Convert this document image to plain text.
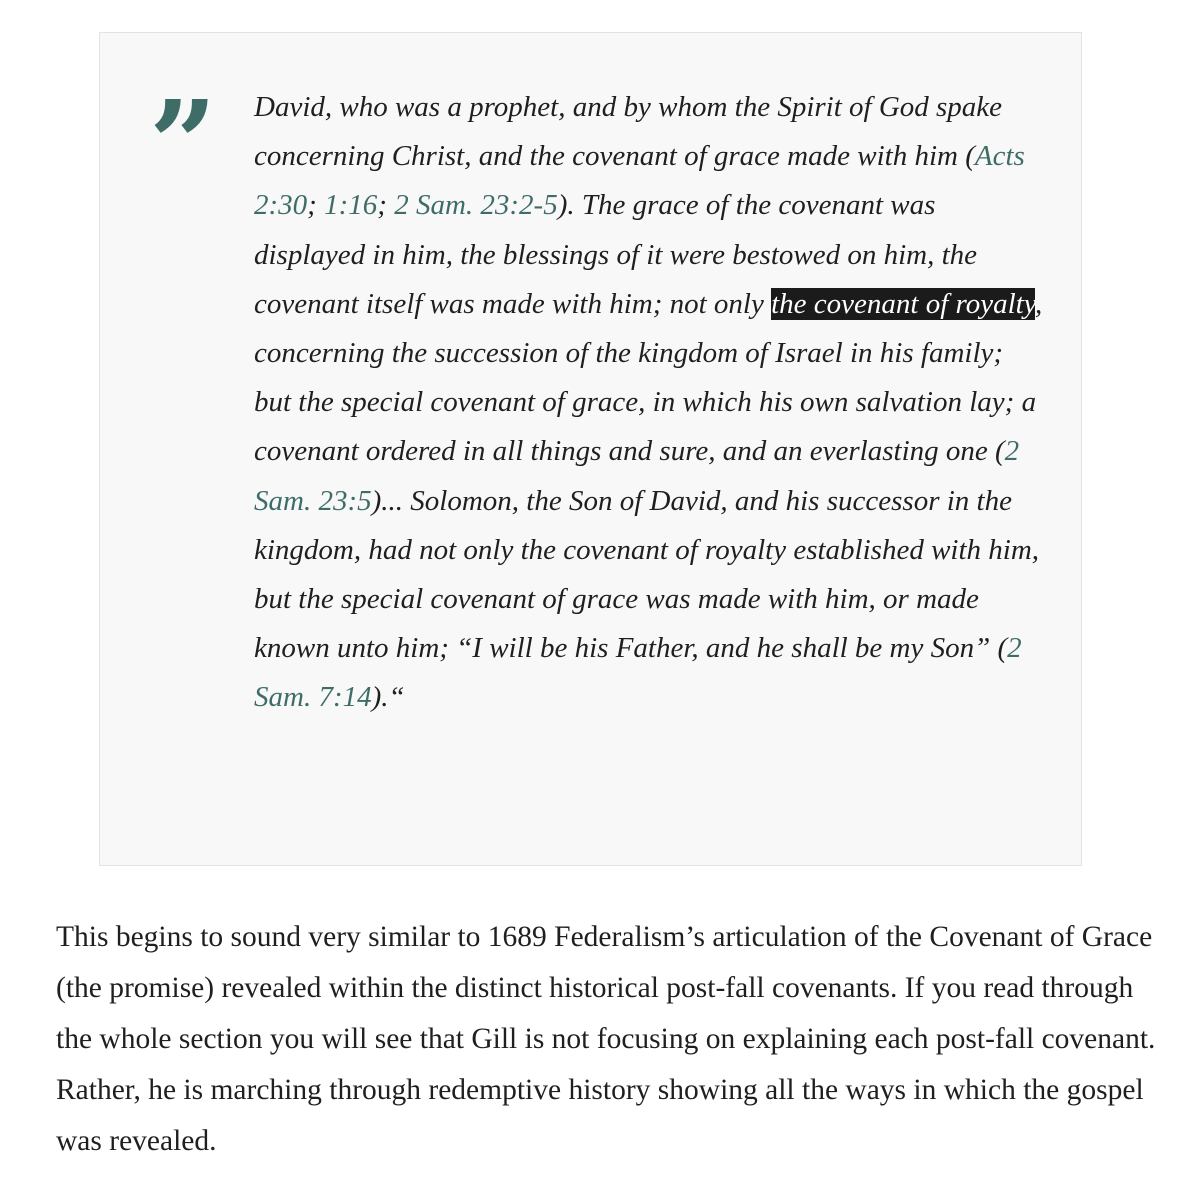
” David, who was a prophet, and by whom the Spirit of God spake concerning Christ, and the covenant of grace made with him (Acts 2:30; 1:16; 2 Sam. 23:2-5). The grace of the covenant was displayed in him, the blessings of it were bestowed on him, the covenant itself was made with him; not only the covenant of royalty, concerning the succession of the kingdom of Israel in his family; but the special covenant of grace, in which his own salvation lay; a covenant ordered in all things and sure, and an everlasting one (2 Sam. 23:5)... Solomon, the Son of David, and his successor in the kingdom, had not only the covenant of royalty established with him, but the special covenant of grace was made with him, or made known unto him; “I will be his Father, and he shall be my Son” (2 Sam. 7:14).“

This begins to sound very similar to 1689 Federalism’s articulation of the Covenant of Grace (the promise) revealed within the distinct historical post-fall covenants. If you read through the whole section you will see that Gill is not focusing on explaining each post-fall covenant. Rather, he is marching through redemptive history showing all the ways in which the gospel was revealed.
